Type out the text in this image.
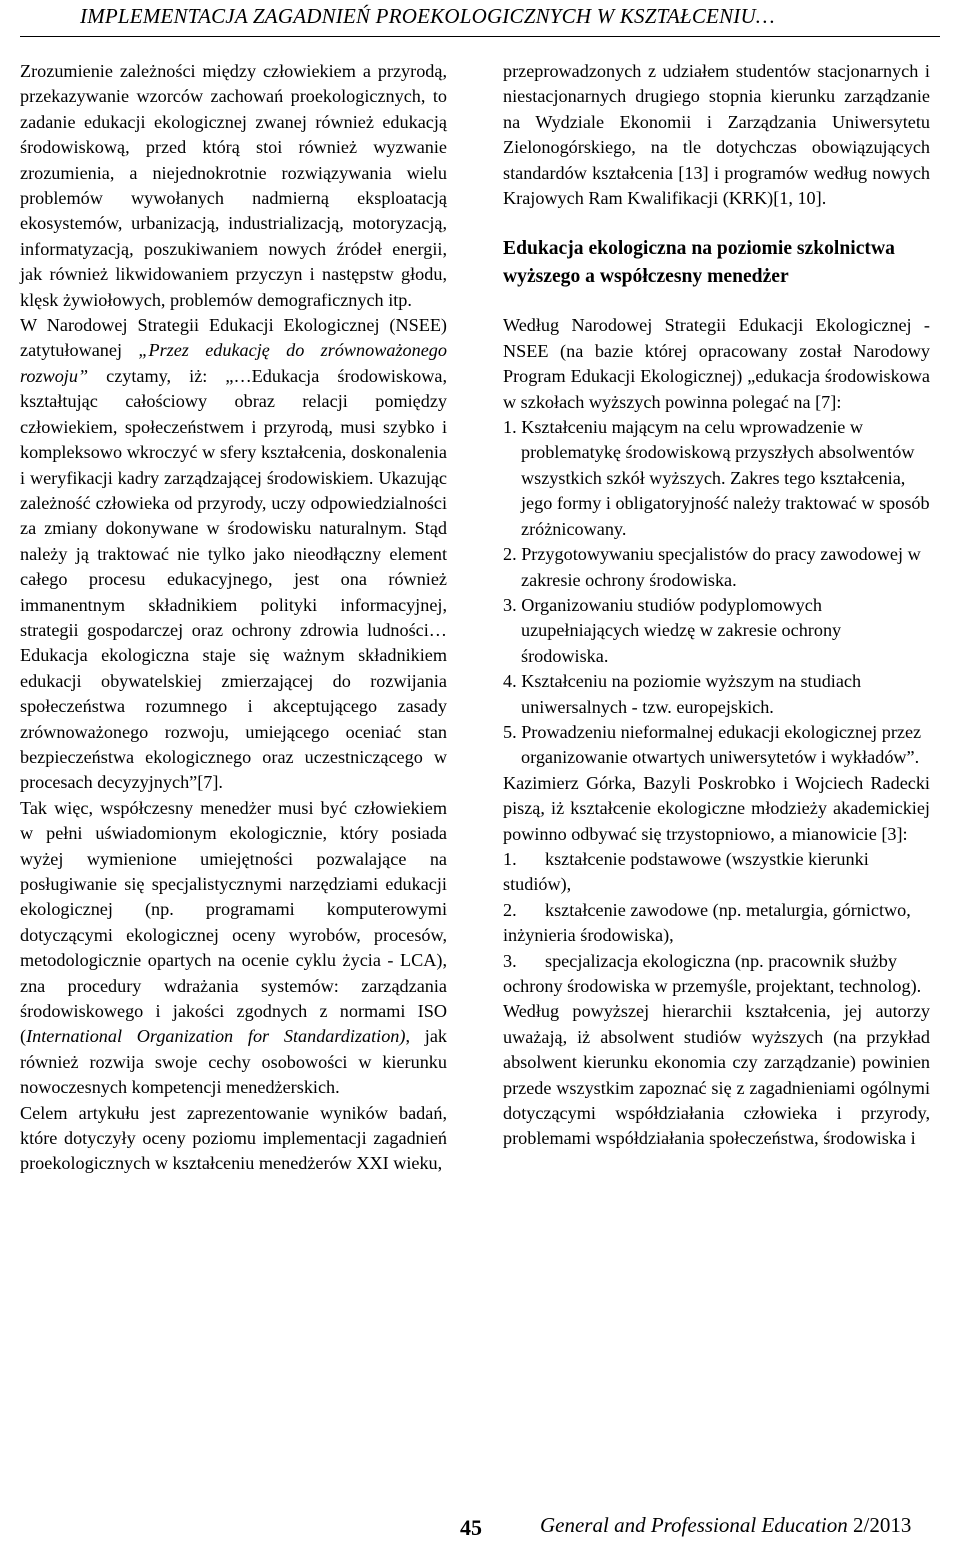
IMPLEMENTACJA ZAGADNIEŃ PROEKOLOGICZNYCH W KSZTAŁCENIU…

Zrozumienie zależności między człowiekiem a przyrodą, przekazywanie wzorców zachowań proekologicznych, to zadanie edukacji ekologicznej zwanej również edukacją środowiskową, przed którą stoi również wyzwanie zrozumienia, a niejednokrotnie rozwiązywania wielu problemów wywołanych nadmierną eksploatacją ekosystemów, urbanizacją, industrializacją, motoryzacją, informatyzacją, poszukiwaniem nowych źródeł energii, jak również likwidowaniem przyczyn i następstw głodu, klęsk żywiołowych, problemów demograficznych itp.

W Narodowej Strategii Edukacji Ekologicznej (NSEE) zatytułowanej „Przez edukację do zrównoważonego rozwoju” czytamy, iż: „…Edukacja środowiskowa, kształtując całościowy obraz relacji pomiędzy człowiekiem, społeczeństwem i przyrodą, musi szybko i kompleksowo wkroczyć w sfery kształcenia, doskonalenia i weryfikacji kadry zarządzającej środowiskiem. Ukazując zależność człowieka od przyrody, uczy odpowiedzialności za zmiany dokonywane w środowisku naturalnym. Stąd należy ją traktować nie tylko jako nieodłączny element całego procesu edukacyjnego, jest ona również immanentnym składnikiem polityki informacyjnej, strategii gospodarczej oraz ochrony zdrowia ludności… Edukacja ekologiczna staje się ważnym składnikiem edukacji obywatelskiej zmierzającej do rozwijania społeczeństwa rozumnego i akceptującego zasady zrównoważonego rozwoju, umiejącego oceniać stan bezpieczeństwa ekologicznego oraz uczestniczącego w procesach decyzyjnych”[7].

Tak więc, współczesny menedżer musi być człowiekiem w pełni uświadomionym ekologicznie, który posiada wyżej wymienione umiejętności pozwalające na posługiwanie się specjalistycznymi narzędziami edukacji ekologicznej (np. programami komputerowymi dotyczącymi ekologicznej oceny wyrobów, procesów, metodologicznie opartych na ocenie cyklu życia - LCA), zna procedury wdrażania systemów: zarządzania środowiskowego i jakości zgodnych z normami ISO (International Organization for Standardization), jak również rozwija swoje cechy osobowości w kierunku nowoczesnych kompetencji menedżerskich.

Celem artykułu jest zaprezentowanie wyników badań, które dotyczyły oceny poziomu implementacji zagadnień proekologicznych w kształceniu menedżerów XXI wieku,

przeprowadzonych z udziałem studentów stacjonarnych i niestacjonarnych drugiego stopnia kierunku zarządzanie na Wydziale Ekonomii i Zarządzania Uniwersytetu Zielonogórskiego, na tle dotychczas obowiązujących standardów kształcenia [13] i programów według nowych Krajowych Ram Kwalifikacji (KRK)[1, 10].

Edukacja ekologiczna na poziomie szkolnictwa wyższego a współczesny menedżer

Według Narodowej Strategii Edukacji Ekologicznej - NSEE (na bazie której opracowany został Narodowy Program Edukacji Ekologicznej) „edukacja środowiskowa w szkołach wyższych powinna polegać na [7]:

1. Kształceniu mającym na celu wprowadzenie w problematykę środowiskową przyszłych absolwentów wszystkich szkół wyższych. Zakres tego kształcenia, jego formy i obligatoryjność należy traktować w sposób zróżnicowany.
2. Przygotowywaniu specjalistów do pracy zawodowej w zakresie ochrony środowiska.
3. Organizowaniu studiów podyplomowych uzupełniających wiedzę w zakresie ochrony środowiska.
4. Kształceniu na poziomie wyższym na studiach uniwersalnych - tzw. europejskich.
5. Prowadzeniu nieformalnej edukacji ekologicznej przez organizowanie otwartych uniwersytetów i wykładów”.

Kazimierz Górka, Bazyli Poskrobko i Wojciech Radecki piszą, iż kształcenie ekologiczne młodzieży akademickiej powinno odbywać się trzystopniowo, a mianowicie [3]:

1. kształcenie podstawowe (wszystkie kierunki studiów),
2. kształcenie zawodowe (np. metalurgia, górnictwo, inżynieria środowiska),
3. specjalizacja ekologiczna (np. pracownik służby ochrony środowiska w przemyśle, projektant, technolog).

Według powyższej hierarchii kształcenia, jej autorzy uważają, iż absolwent studiów wyższych (na przykład absolwent kierunku ekonomia czy zarządzanie) powinien przede wszystkim zapoznać się z zagadnieniami ogólnymi dotyczącymi współdziałania człowieka i przyrody, problemami współdziałania społeczeństwa, środowiska i

45	General and Professional Education 2/2013
